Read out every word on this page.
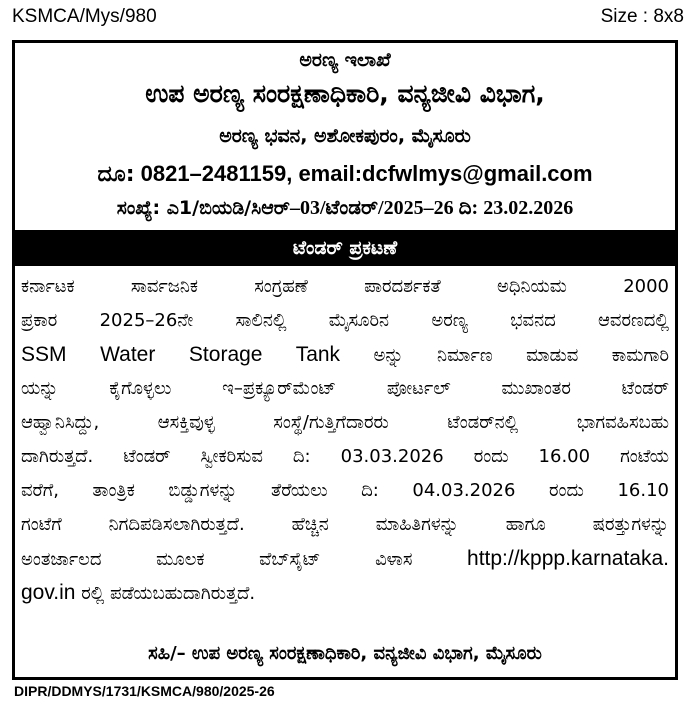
KSMCA/Mys/980	Size : 8x8
ಅರಣ್ಯ ಇಲಾಖೆ
ಉಪ ಅರಣ್ಯ ಸಂರಕ್ಷಣಾಧಿಕಾರಿ, ವನ್ಯಜೀವಿ ವಿಭಾಗ,
ಅರಣ್ಯ ಭವನ, ಅಶೋಕಪುರಂ, ಮೈಸೂರು
ದೂ: 0821–2481159, email:dcfwlmys@gmail.com
ಸಂಖ್ಯೆ: ಎ1/ಬಿಯಡಿ/ಸಿಆರ್–03/ಟೆಂಡರ್/2025–26 ದಿ: 23.02.2026
ಟೆಂಡರ್ ಪ್ರಕಟಣೆ
ಕರ್ನಾಟಕ ಸಾರ್ವಜನಿಕ ಸಂಗ್ರಹಣೆ ಪಾರದರ್ಶಕತೆ ಅಧಿನಿಯಮ 2000
ಪ್ರಕಾರ 2025–26ನೇ ಸಾಲಿನಲ್ಲಿ ಮೈಸೂರಿನ ಅರಣ್ಯ ಭವನದ ಆವರಣದಲ್ಲಿ
SSM Water Storage Tank ಅನ್ನು ನಿರ್ಮಾಣ ಮಾಡುವ ಕಾಮಗಾರಿ
ಯನ್ನು ಕೈಗೊಳ್ಳಲು ಇ–ಪ್ರಕ್ಯೂರ್‌ಮೆಂಟ್ ಪೋರ್ಟಲ್ ಮುಖಾಂತರ ಟೆಂಡರ್
ಆಹ್ವಾನಿಸಿದ್ದು, ಆಸಕ್ತಿವುಳ್ಳ ಸಂಸ್ಥೆ/ಗುತ್ತಿಗೆದಾರರು ಟೆಂಡರ್‌ನಲ್ಲಿ ಭಾಗವಹಿಸಬಹು
ದಾಗಿರುತ್ತದೆ. ಟೆಂಡರ್ ಸ್ವೀಕರಿಸುವ ದಿ: 03.03.2026 ರಂದು 16.00 ಗಂಟೆಯ
ವರೆಗೆ, ತಾಂತ್ರಿಕ ಬಿಡ್ಡುಗಳನ್ನು ತೆರೆಯಲು ದಿ: 04.03.2026 ರಂದು 16.10
ಗಂಟೆಗೆ ನಿಗದಿಪಡಿಸಲಾಗಿರುತ್ತದೆ. ಹೆಚ್ಚಿನ ಮಾಹಿತಿಗಳನ್ನು ಹಾಗೂ ಷರತ್ತುಗಳನ್ನು
ಅಂತರ್ಜಾಲದ ಮೂಲಕ ವೆಬ್‌ಸೈಟ್ ವಿಳಾಸ http://kppp.karnataka.
gov.in ರಲ್ಲಿ ಪಡೆಯಬಹುದಾಗಿರುತ್ತದೆ.
ಸಹಿ/– ಉಪ ಅರಣ್ಯ ಸಂರಕ್ಷಣಾಧಿಕಾರಿ, ವನ್ಯಜೀವಿ ವಿಭಾಗ, ಮೈಸೂರು
DIPR/DDMYS/1731/KSMCA/980/2025-26
